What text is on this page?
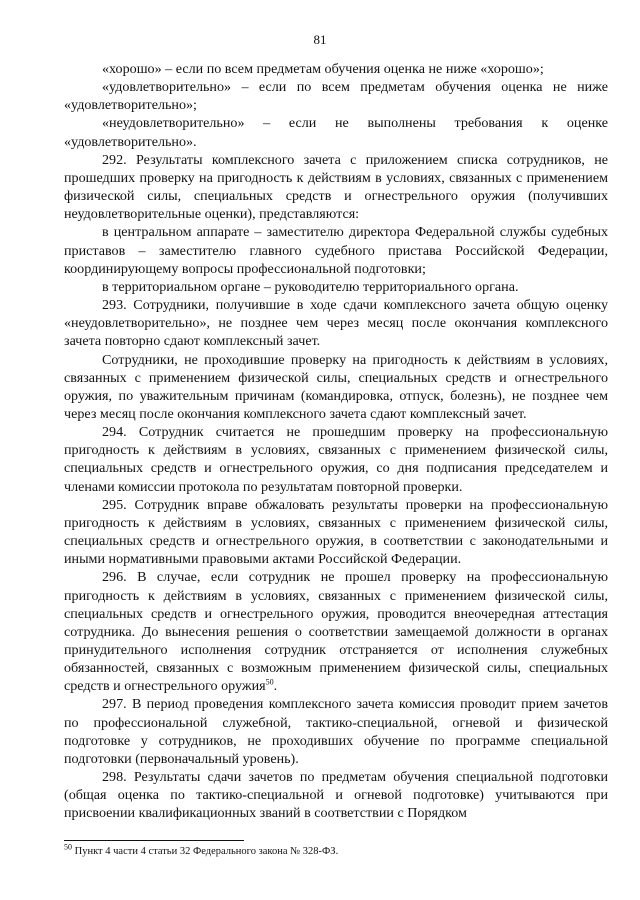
81

«хорошо» – если по всем предметам обучения оценка не ниже «хорошо»;

«удовлетворительно» – если по всем предметам обучения оценка не ниже «удовлетворительно»;

«неудовлетворительно» – если не выполнены требования к оценке «удовлетворительно».

292. Результаты комплексного зачета с приложением списка сотрудников, не прошедших проверку на пригодность к действиям в условиях, связанных с применением физической силы, специальных средств и огнестрельного оружия (получивших неудовлетворительные оценки), представляются:

в центральном аппарате – заместителю директора Федеральной службы судебных приставов – заместителю главного судебного пристава Российской Федерации, координирующему вопросы профессиональной подготовки;

в территориальном органе – руководителю территориального органа.

293. Сотрудники, получившие в ходе сдачи комплексного зачета общую оценку «неудовлетворительно», не позднее чем через месяц после окончания комплексного зачета повторно сдают комплексный зачет.

Сотрудники, не проходившие проверку на пригодность к действиям в условиях, связанных с применением физической силы, специальных средств и огнестрельного оружия, по уважительным причинам (командировка, отпуск, болезнь), не позднее чем через месяц после окончания комплексного зачета сдают комплексный зачет.

294. Сотрудник считается не прошедшим проверку на профессиональную пригодность к действиям в условиях, связанных с применением физической силы, специальных средств и огнестрельного оружия, со дня подписания председателем и членами комиссии протокола по результатам повторной проверки.

295. Сотрудник вправе обжаловать результаты проверки на профессиональную пригодность к действиям в условиях, связанных с применением физической силы, специальных средств и огнестрельного оружия, в соответствии с законодательными и иными нормативными правовыми актами Российской Федерации.

296. В случае, если сотрудник не прошел проверку на профессиональную пригодность к действиям в условиях, связанных с применением физической силы, специальных средств и огнестрельного оружия, проводится внеочередная аттестация сотрудника. До вынесения решения о соответствии замещаемой должности в органах принудительного исполнения сотрудник отстраняется от исполнения служебных обязанностей, связанных с возможным применением физической силы, специальных средств и огнестрельного оружия$^{50}$.

297. В период проведения комплексного зачета комиссия проводит прием зачетов по профессиональной служебной, тактико-специальной, огневой и физической подготовке у сотрудников, не проходивших обучение по программе специальной подготовки (первоначальный уровень).

298. Результаты сдачи зачетов по предметам обучения специальной подготовки (общая оценка по тактико-специальной и огневой подготовке) учитываются при присвоении квалификационных званий в соответствии с Порядком

$^{50}$ Пункт 4 части 4 статьи 32 Федерального закона № 328-ФЗ.
